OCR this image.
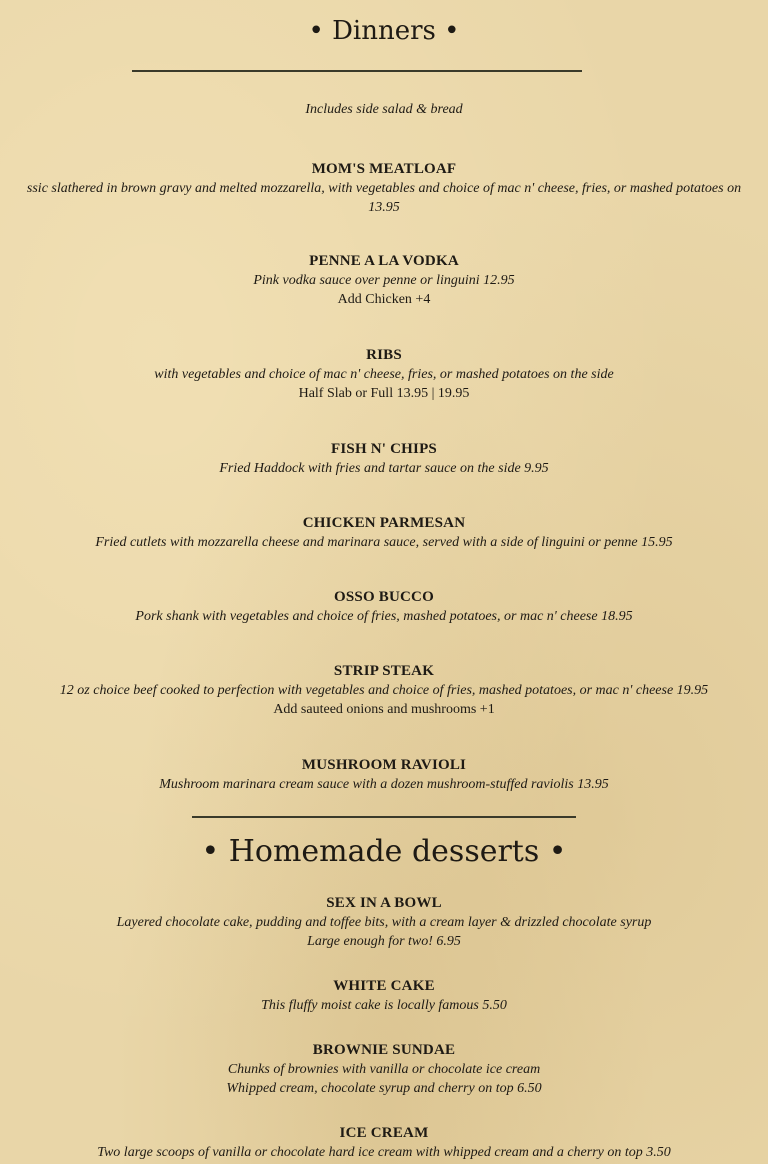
• Dinners •
Includes side salad & bread
MOM'S MEATLOAF
ssic slathered in brown gravy and melted mozzarella, with vegetables and choice of mac n' cheese, fries, or mashed potatoes on
13.95
PENNE A LA VODKA
Pink vodka sauce over penne or linguini 12.95
Add Chicken +4
RIBS
with vegetables and choice of mac n' cheese, fries, or mashed potatoes on the side
Half Slab or Full 13.95 | 19.95
FISH N' CHIPS
Fried Haddock with fries and tartar sauce on the side 9.95
CHICKEN PARMESAN
Fried cutlets with mozzarella cheese and marinara sauce, served with a side of linguini or penne 15.95
OSSO BUCCO
Pork shank with vegetables and choice of fries, mashed potatoes, or mac n' cheese 18.95
STRIP STEAK
12 oz choice beef cooked to perfection with vegetables and choice of fries, mashed potatoes, or mac n' cheese 19.95
Add sauteed onions and mushrooms +1
MUSHROOM RAVIOLI
Mushroom marinara cream sauce with a dozen mushroom-stuffed raviolis 13.95
• Homemade desserts •
SEX IN A BOWL
Layered chocolate cake, pudding and toffee bits, with a cream layer & drizzled chocolate syrup
Large enough for two! 6.95
WHITE CAKE
This fluffy moist cake is locally famous 5.50
BROWNIE SUNDAE
Chunks of brownies with vanilla or chocolate ice cream
Whipped cream, chocolate syrup and cherry on top 6.50
ICE CREAM
Two large scoops of vanilla or chocolate hard ice cream with whipped cream and a cherry on top 3.50
